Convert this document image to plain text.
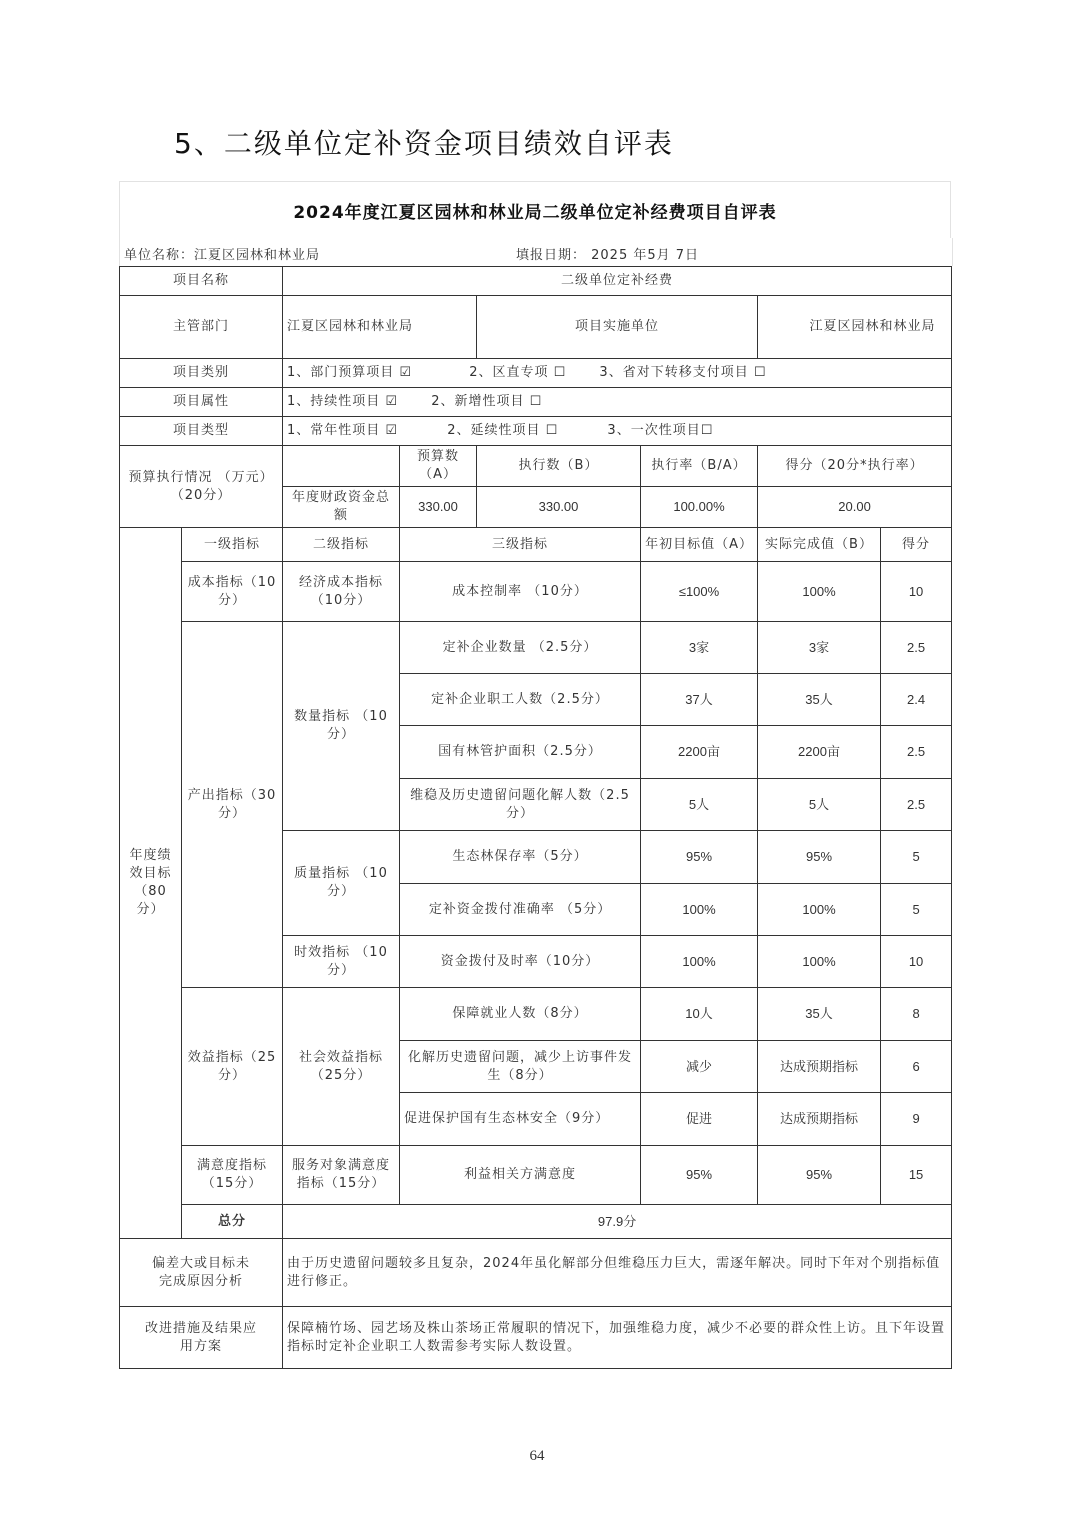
5、二级单位定补资金项目绩效自评表
2024年度江夏区园林和林业局二级单位定补经费项目自评表
单位名称：江夏区园林和林业局	填报日期： 2025 年5月 7日
项目名称		二级单位定补经费					
主管部门		江夏区园林和林业局		项目实施单位		江夏区园林和林业局	
项目类别		1、部门预算项目 ☑ 2、区直专项 ☐ 3、省对下转移支付项目 ☐					
项目属性		1、持续性项目 ☑ 2、新增性项目 ☐					
项目类型		1、常年性项目 ☑ 2、延续性项目 ☐ 3、一次性项目☐					
预算执行情况 （万元）（20分）			预算数（A）	执行数（B）	执行率（B/A）	得分（20分*执行率）	
		年度财政资金总额	330.00	330.00	100.00%	20.00	
年度绩效目标（80分）	一级指标	二级指标	三级指标		年初目标值（A）	实际完成值（B）	得分
	成本指标（10分）	经济成本指标（10分）	成本控制率 （10分）		≤100%	100%	10
	产出指标（30分）	数量指标 （10分）	定补企业数量 （2.5分）		3家	3家	2.5
			定补企业职工人数（2.5分）		37人	35人	2.4
			国有林管护面积（2.5分）		2200亩	2200亩	2.5
			维稳及历史遗留问题化解人数（2.5分）		5人	5人	2.5
		质量指标 （10分）	生态林保存率（5分）		95%	95%	5
			定补资金拨付准确率 （5分）		100%	100%	5
		时效指标 （10分）	资金拨付及时率（10分）		100%	100%	10
	效益指标（25分）	社会效益指标（25分）	保障就业人数（8分）		10人	35人	8
			化解历史遗留问题，减少上访事件发生（8分）		减少	达成预期指标	6
			促进保护国有生态林安全（9分）		促进	达成预期指标	9
	满意度指标（15分）	服务对象满意度指标（15分）	利益相关方满意度		95%	95%	15
	总分	97.9分					
偏差大或目标未完成原因分析		由于历史遗留问题较多且复杂，2024年虽化解部分但维稳压力巨大，需逐年解决。同时下年对个别指标值进行修正。					
改进措施及结果应用方案		保障楠竹场、园艺场及株山茶场正常履职的情况下，加强维稳力度，减少不必要的群众性上访。且下年设置指标时定补企业职工人数需参考实际人数设置。					
64
